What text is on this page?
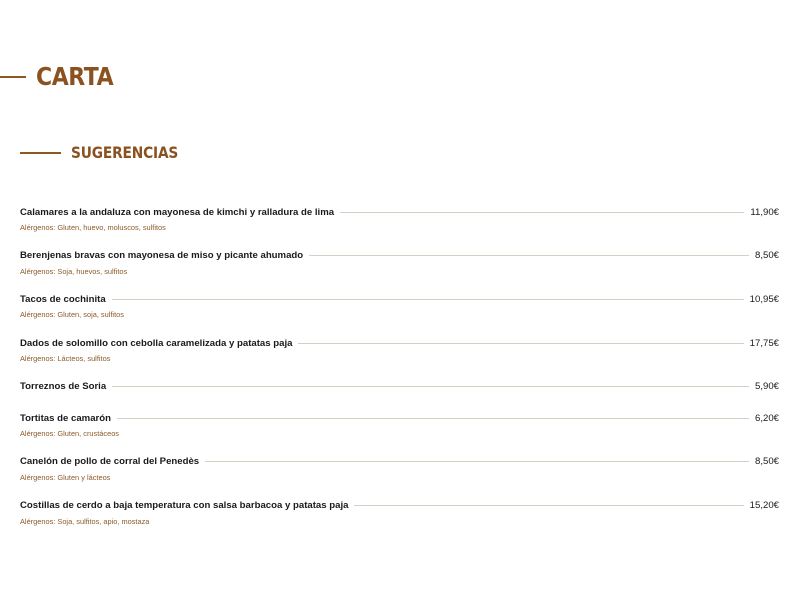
CARTA
SUGERENCIAS
Calamares a la andaluza con mayonesa de kimchi y ralladura de lima	11,90€
Alérgenos: Gluten, huevo, moluscos, sulfitos
Berenjenas bravas con mayonesa de miso y picante ahumado	8,50€
Alérgenos: Soja, huevos, sulfitos
Tacos de cochinita	10,95€
Alérgenos: Gluten, soja, sulfitos
Dados de solomillo con cebolla caramelizada y patatas paja	17,75€
Alérgenos: Lácteos, sulfitos
Torreznos de Soria	5,90€
Tortitas de camarón	6,20€
Alérgenos: Gluten, crustáceos
Canelón de pollo de corral del Penedès	8,50€
Alérgenos: Gluten y lácteos
Costillas de cerdo a baja temperatura con salsa barbacoa y patatas paja	15,20€
Alérgenos: Soja, sulfitos, apio, mostaza
